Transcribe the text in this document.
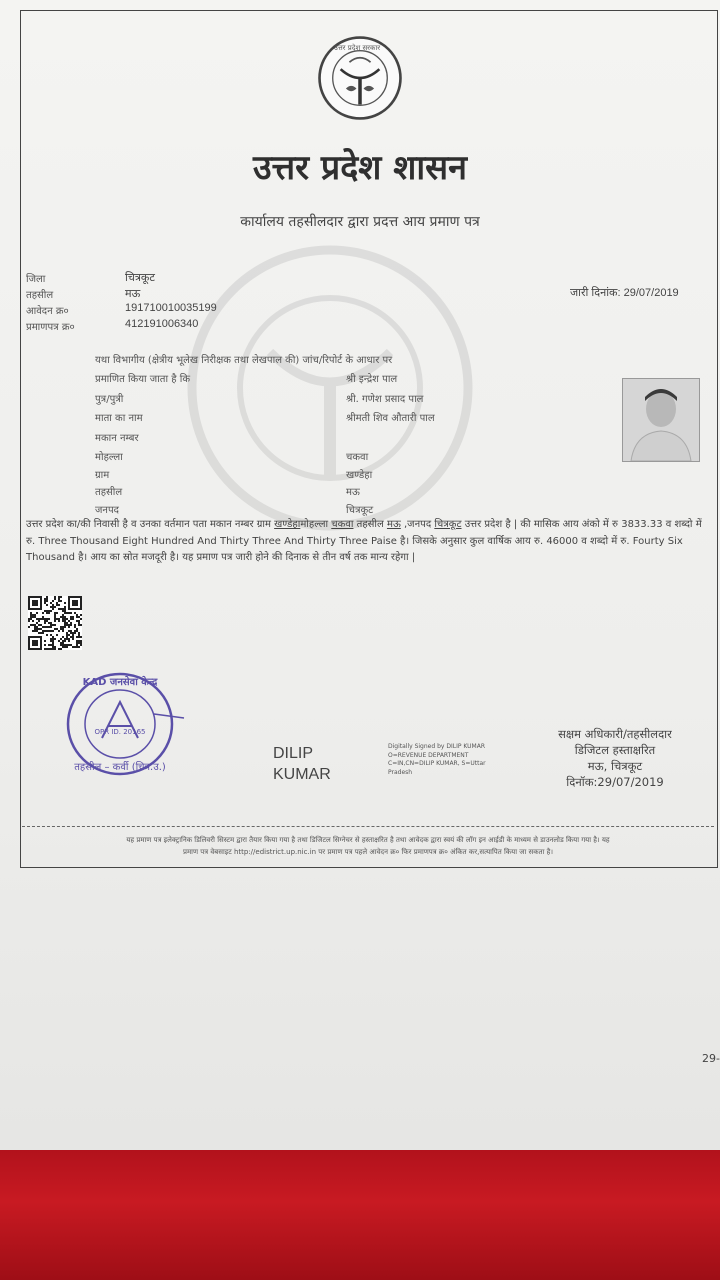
उत्तर प्रदेश सरकार
उत्तर प्रदेश शासन
कार्यालय तहसीलदार द्वारा प्रदत्त आय प्रमाण पत्र
जिला	चित्रकूट
तहसील	मऊ
आवेदन क्र०	191710010035199
प्रमाणपत्र क्र०	412191006340
जारी दिनांक: 29/07/2019
यथा विभागीय (क्षेत्रीय भूलेख निरीक्षक तथा लेखपाल की) जांच/रिपोर्ट के आधार पर
प्रमाणित किया जाता है कि	श्री इन्द्रेश पाल
पुत्र/पुत्री	श्री. गणेश प्रसाद पाल
माता का नाम	श्रीमती शिव औतारी पाल
मकान नम्बर
मोहल्ला	चकवा
ग्राम	खण्डेहा
तहसील	मऊ
जनपद	चित्रकूट
उत्तर प्रदेश का/की निवासी है व उनका वर्तमान पता मकान नम्बर ग्राम खण्डेहामोहल्ला चकवा तहसील मऊ ,जनपद चित्रकूट उत्तर प्रदेश है | की मासिक आय अंको में रु 3833.33 व शब्दो में रु. Three Thousand Eight Hundred And Thirty Three And Thirty Three Paise है। जिसके अनुसार कुल वार्षिक आय रु. 46000 व शब्दो में रु. Fourty Six Thousand है। आय का स्रोत मजदूरी है। यह प्रमाण पत्र जारी होने की दिनाक से तीन वर्ष तक मान्य रहेगा |
KAD जनसेवा केन्द्र
OPR ID. 20165
तहसील – कर्वी (चित्र.उ.)
DILIP
KUMAR
Digitally Signed by DILIP KUMAR
O=REVENUE DEPARTMENT
C=IN,CN=DILIP KUMAR, S=Uttar
Pradesh
सक्षम अधिकारी/तहसीलदार
डिजिटल हस्ताक्षरित
मऊ, चित्रकूट
दिनॉक:29/07/2019
यह प्रमाण पत्र इलेक्ट्रानिक डिलिवरी सिस्टम द्वारा तैयार किया गया है तथा डिजिटल सिग्नेचर से हस्ताक्षरित है तथा आवेदक द्वारा स्वयं की लॉग इन आईडी के माध्यम से डाउनलोड किया गया है। यह
प्रमाण पत्र वेबसाइट http://edistrict.up.nic.in पर प्रमाण पत्र पहले आवेदन क्र० फिर प्रमाणपत्र क्र० अंकित कर,सत्यापित किया जा सकता है।
29-
